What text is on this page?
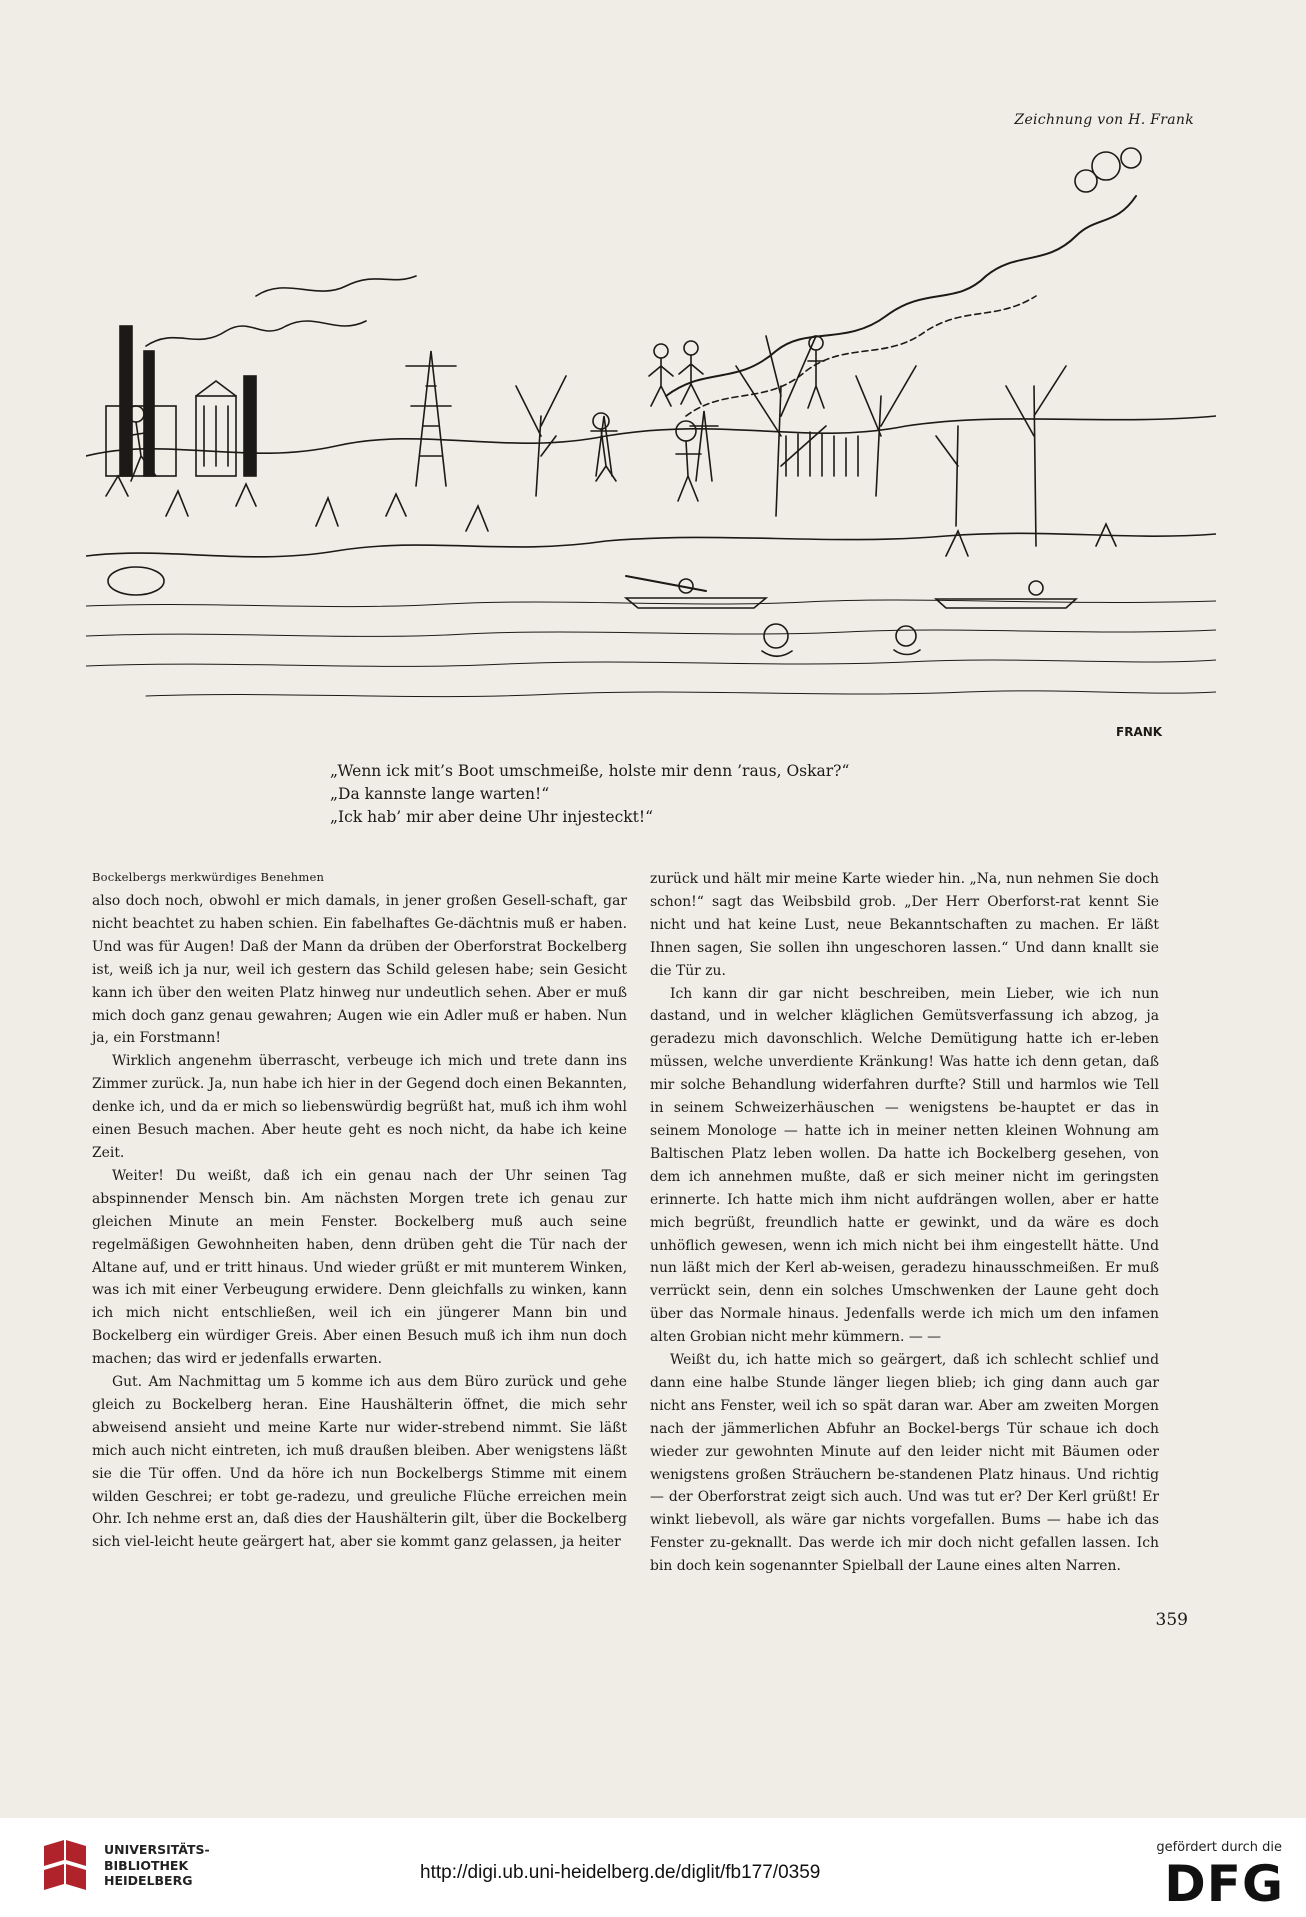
Zeichnung von H. Frank
FRANK
„Wenn ick mit’s Boot umschmeiße, holste mir denn ’raus, Oskar?“
„Da kannste lange warten!“
„Ick hab’ mir aber deine Uhr injesteckt!“
Bockelbergs merkwürdiges Benehmen

also doch noch, obwohl er mich damals, in jener großen Gesell-schaft, gar nicht beachtet zu haben schien. Ein fabelhaftes Ge-dächtnis muß er haben. Und was für Augen! Daß der Mann da drüben der Oberforstrat Bockelberg ist, weiß ich ja nur, weil ich gestern das Schild gelesen habe; sein Gesicht kann ich über den weiten Platz hinweg nur undeutlich sehen. Aber er muß mich doch ganz genau gewahren; Augen wie ein Adler muß er haben. Nun ja, ein Forstmann!

Wirklich angenehm überrascht, verbeuge ich mich und trete dann ins Zimmer zurück. Ja, nun habe ich hier in der Gegend doch einen Bekannten, denke ich, und da er mich so liebenswürdig begrüßt hat, muß ich ihm wohl einen Besuch machen. Aber heute geht es noch nicht, da habe ich keine Zeit.

Weiter! Du weißt, daß ich ein genau nach der Uhr seinen Tag abspinnender Mensch bin. Am nächsten Morgen trete ich genau zur gleichen Minute an mein Fenster. Bockelberg muß auch seine regelmäßigen Gewohnheiten haben, denn drüben geht die Tür nach der Altane auf, und er tritt hinaus. Und wieder grüßt er mit munterem Winken, was ich mit einer Verbeugung erwidere. Denn gleichfalls zu winken, kann ich mich nicht entschließen, weil ich ein jüngerer Mann bin und Bockelberg ein würdiger Greis. Aber einen Besuch muß ich ihm nun doch machen; das wird er jedenfalls erwarten.

Gut. Am Nachmittag um 5 komme ich aus dem Büro zurück und gehe gleich zu Bockelberg heran. Eine Haushälterin öffnet, die mich sehr abweisend ansieht und meine Karte nur wider-strebend nimmt. Sie läßt mich auch nicht eintreten, ich muß draußen bleiben. Aber wenigstens läßt sie die Tür offen. Und da höre ich nun Bockelbergs Stimme mit einem wilden Geschrei; er tobt ge-radezu, und greuliche Flüche erreichen mein Ohr. Ich nehme erst an, daß dies der Haushälterin gilt, über die Bockelberg sich viel-leicht heute geärgert hat, aber sie kommt ganz gelassen, ja heiter

zurück und hält mir meine Karte wieder hin. „Na, nun nehmen Sie doch schon!“ sagt das Weibsbild grob. „Der Herr Oberforst-rat kennt Sie nicht und hat keine Lust, neue Bekanntschaften zu machen. Er läßt Ihnen sagen, Sie sollen ihn ungeschoren lassen.“ Und dann knallt sie die Tür zu.

Ich kann dir gar nicht beschreiben, mein Lieber, wie ich nun dastand, und in welcher kläglichen Gemütsverfassung ich abzog, ja geradezu mich davonschlich. Welche Demütigung hatte ich er-leben müssen, welche unverdiente Kränkung! Was hatte ich denn getan, daß mir solche Behandlung widerfahren durfte? Still und harmlos wie Tell in seinem Schweizerhäuschen — wenigstens be-hauptet er das in seinem Monologe — hatte ich in meiner netten kleinen Wohnung am Baltischen Platz leben wollen. Da hatte ich Bockelberg gesehen, von dem ich annehmen mußte, daß er sich meiner nicht im geringsten erinnerte. Ich hatte mich ihm nicht aufdrängen wollen, aber er hatte mich begrüßt, freundlich hatte er gewinkt, und da wäre es doch unhöflich gewesen, wenn ich mich nicht bei ihm eingestellt hätte. Und nun läßt mich der Kerl ab-weisen, geradezu hinausschmeißen. Er muß verrückt sein, denn ein solches Umschwenken der Laune geht doch über das Normale hinaus. Jedenfalls werde ich mich um den infamen alten Grobian nicht mehr kümmern. — —

Weißt du, ich hatte mich so geärgert, daß ich schlecht schlief und dann eine halbe Stunde länger liegen blieb; ich ging dann auch gar nicht ans Fenster, weil ich so spät daran war. Aber am zweiten Morgen nach der jämmerlichen Abfuhr an Bockel-bergs Tür schaue ich doch wieder zur gewohnten Minute auf den leider nicht mit Bäumen oder wenigstens großen Sträuchern be-standenen Platz hinaus. Und richtig — der Oberforstrat zeigt sich auch. Und was tut er? Der Kerl grüßt! Er winkt liebevoll, als wäre gar nichts vorgefallen. Bums — habe ich das Fenster zu-geknallt. Das werde ich mir doch nicht gefallen lassen. Ich bin doch kein sogenannter Spielball der Laune eines alten Narren.

359
UNIVERSITÄTS-
BIBLIOTHEK
HEIDELBERG	http://digi.ub.uni-heidelberg.de/diglit/fb177/0359
gefördert durch die
DFG
